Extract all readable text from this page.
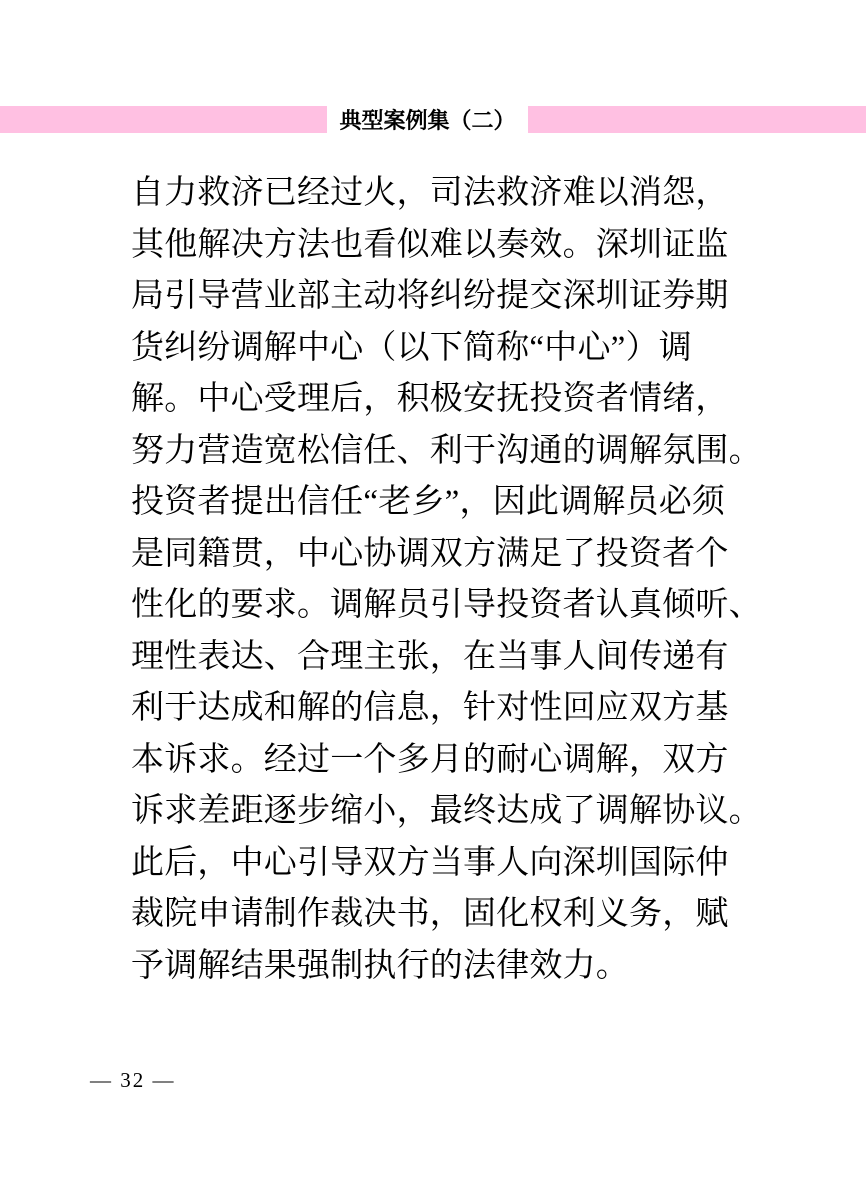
典型案例集（二）
自力救济已经过火，司法救济难以消怨，
其他解决方法也看似难以奏效。深圳证监
局引导营业部主动将纠纷提交深圳证券期
货纠纷调解中心（以下简称“中心”）调
解。中心受理后，积极安抚投资者情绪，
努力营造宽松信任、利于沟通的调解氛围。
投资者提出信任“老乡”，因此调解员必须
是同籍贯，中心协调双方满足了投资者个
性化的要求。调解员引导投资者认真倾听、
理性表达、合理主张，在当事人间传递有
利于达成和解的信息，针对性回应双方基
本诉求。经过一个多月的耐心调解，双方
诉求差距逐步缩小，最终达成了调解协议。
此后，中心引导双方当事人向深圳国际仲
裁院申请制作裁决书，固化权利义务，赋
予调解结果强制执行的法律效力。
— 32 —
